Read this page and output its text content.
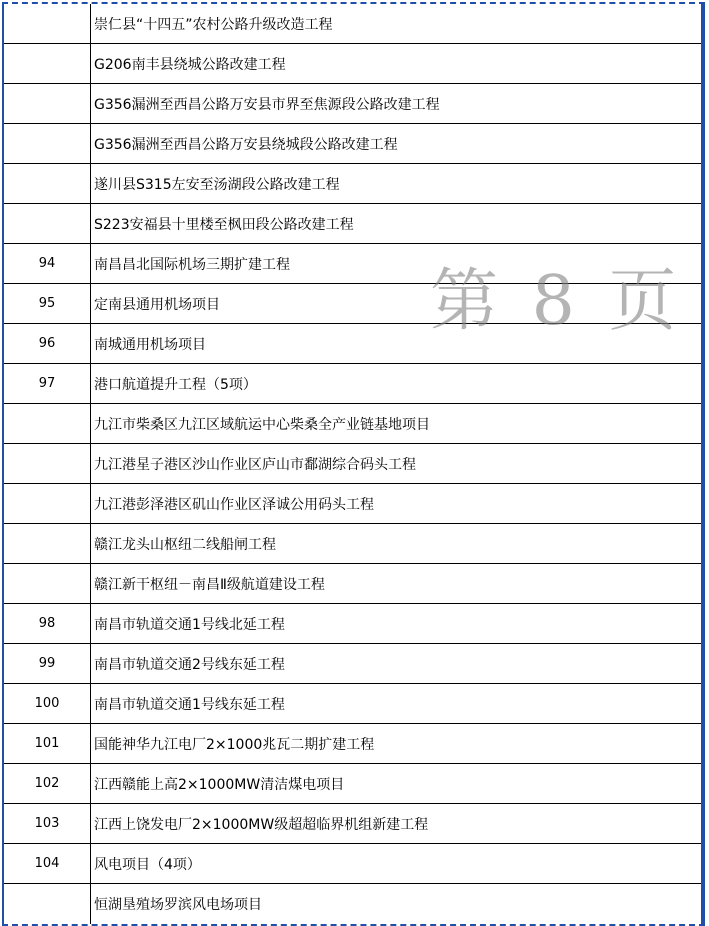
崇仁县“十四五”农村公路升级改造工程
G206南丰县绕城公路改建工程
G356漏洲至西昌公路万安县市界至焦源段公路改建工程
G356漏洲至西昌公路万安县绕城段公路改建工程
遂川县S315左安至汤湖段公路改建工程
S223安福县十里楼至枫田段公路改建工程
94	南昌昌北国际机场三期扩建工程
95	定南县通用机场项目
96	南城通用机场项目
97	港口航道提升工程（5项）
九江市柴桑区九江区域航运中心柴桑全产业链基地项目
九江港星子港区沙山作业区庐山市鄱湖综合码头工程
九江港彭泽港区矶山作业区泽诚公用码头工程
赣江龙头山枢纽二线船闸工程
赣江新干枢纽－南昌Ⅱ级航道建设工程
98	南昌市轨道交通1号线北延工程
99	南昌市轨道交通2号线东延工程
100	南昌市轨道交通1号线东延工程
101	国能神华九江电厂2×1000兆瓦二期扩建工程
102	江西赣能上高2×1000MW清洁煤电项目
103	江西上饶发电厂2×1000MW级超超临界机组新建工程
104	风电项目（4项）
恒湖垦殖场罗滨风电场项目
第 8 页
